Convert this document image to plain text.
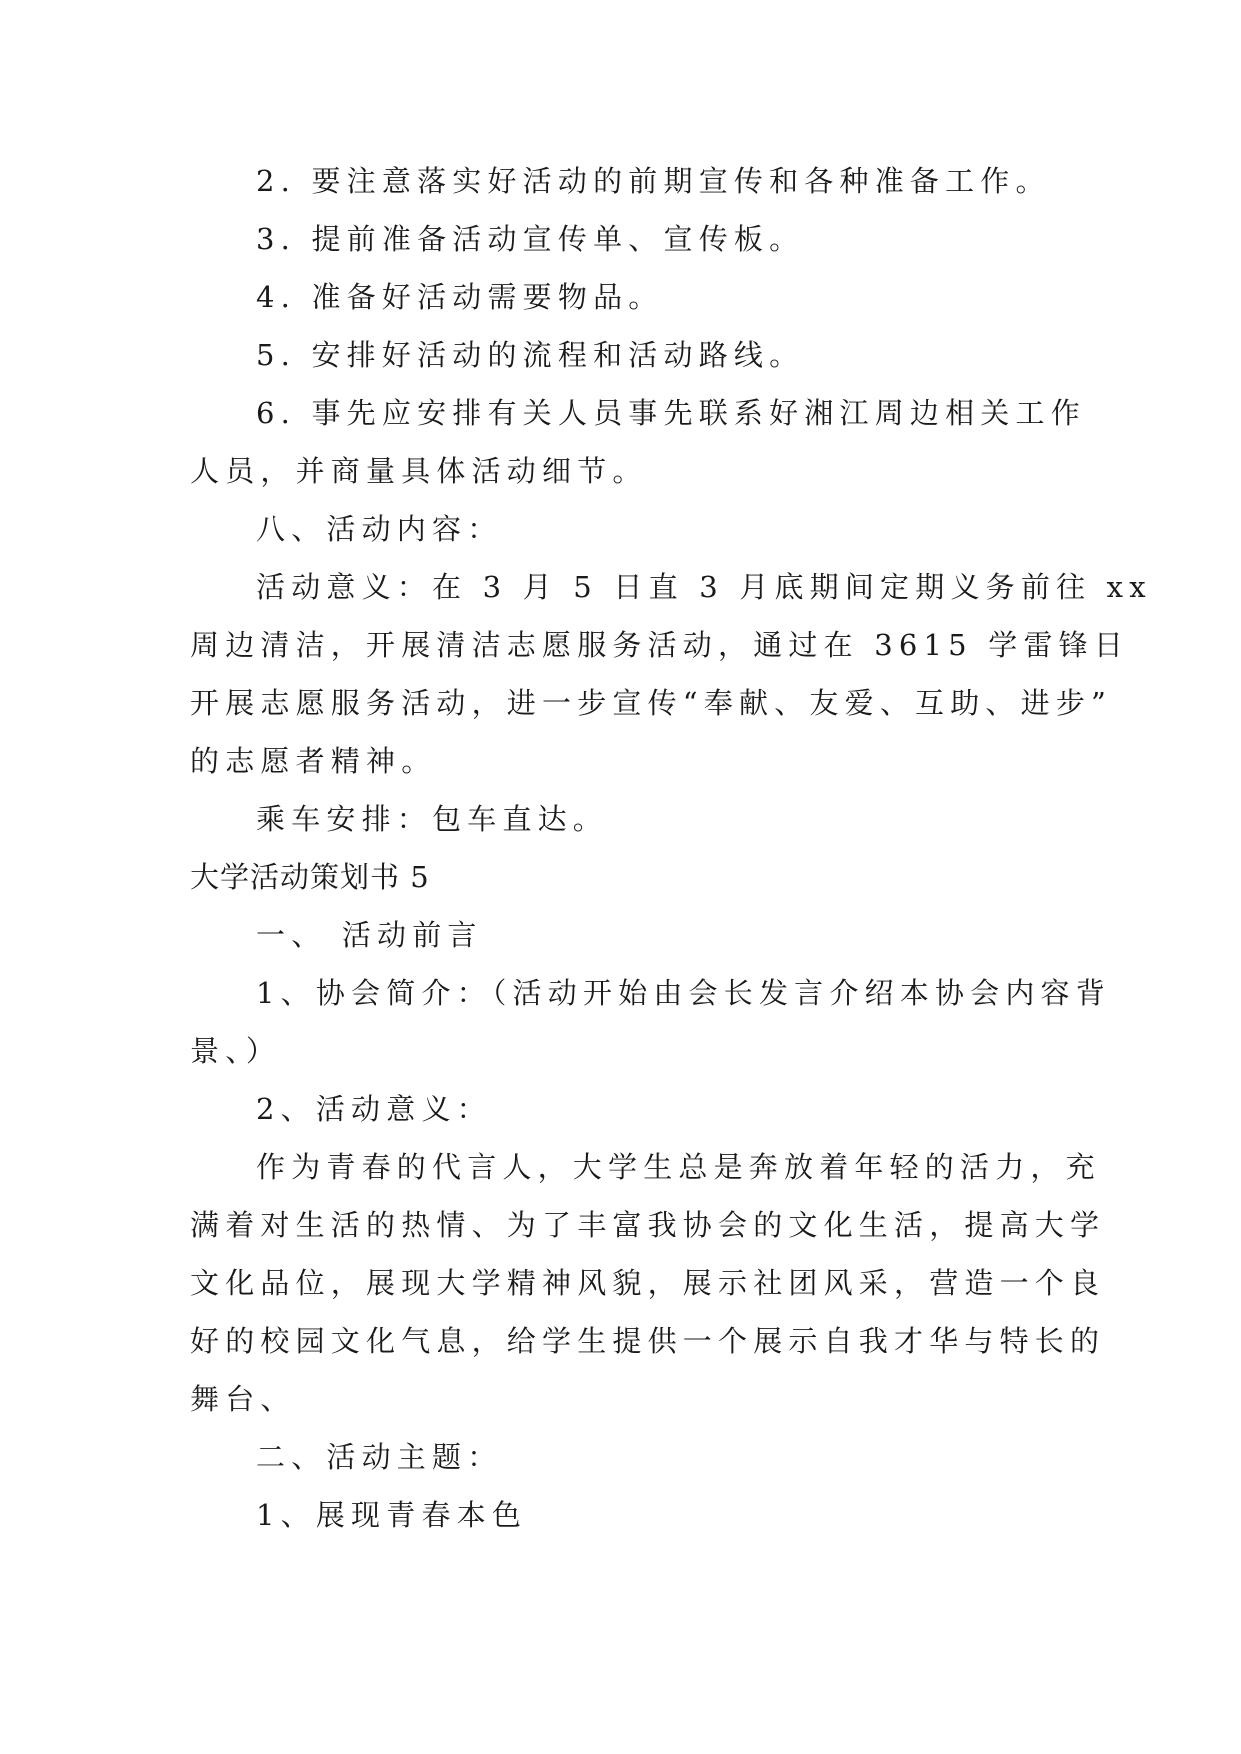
2. 要注意落实好活动的前期宣传和各种准备工作。

3. 提前准备活动宣传单、宣传板。

4. 准备好活动需要物品。

5. 安排好活动的流程和活动路线。

6. 事先应安排有关人员事先联系好湘江周边相关工作

人员，并商量具体活动细节。

八、活动内容：

活动意义：在 3 月 5 日直 3 月底期间定期义务前往 xx

周边清洁，开展清洁志愿服务活动，通过在 3615 学雷锋日

开展志愿服务活动，进一步宣传“奉献、友爱、互助、进步”

的志愿者精神。

乘车安排：包车直达。

大学活动策划书 5

一、 活动前言

1、协会简介：（活动开始由会长发言介绍本协会内容背

景、）

2、活动意义：

作为青春的代言人，大学生总是奔放着年轻的活力，充

满着对生活的热情、为了丰富我协会的文化生活，提高大学

文化品位，展现大学精神风貌，展示社团风采，营造一个良

好的校园文化气息，给学生提供一个展示自我才华与特长的

舞台、

二、活动主题：

1、展现青春本色
